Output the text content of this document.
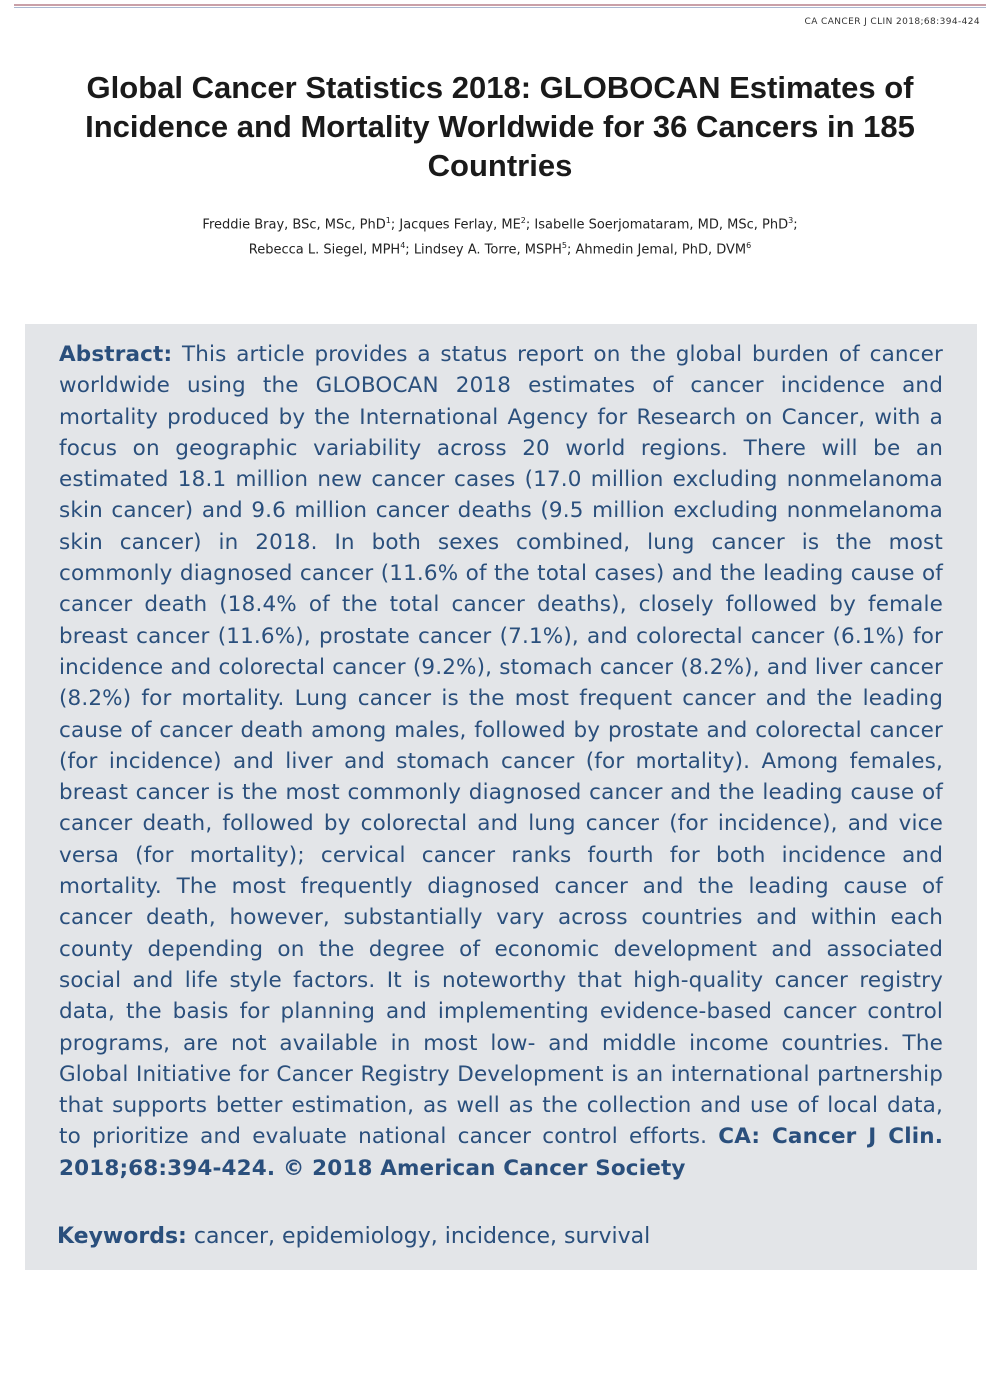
CA CANCER J CLIN 2018;68:394-424
Global Cancer Statistics 2018: GLOBOCAN Estimates of Incidence and Mortality Worldwide for 36 Cancers in 185 Countries
Freddie Bray, BSc, MSc, PhD$^1$; Jacques Ferlay, $ME^2$; Isabelle Soerjomataram, MD, MSc, PhD$^3$;
Rebecca L. Siegel, MPH$^4$; Lindsey A. Torre, MSPH$^5$; Ahmedin Jemal, PhD, DVM$^6$

Abstract: This article provides a status report on the global burden of cancer worldwide using the GLOBOCAN 2018 estimates of cancer incidence and mortality produced by the International Agency for Research on Cancer, with a focus on geographic variability across 20 world regions. There will be an estimated 18.1 million new cancer cases (17.0 million excluding nonmelanoma skin cancer) and 9.6 million cancer deaths (9.5 million excluding nonmelanoma skin cancer) in 2018. In both sexes combined, lung cancer is the most commonly diagnosed cancer (11.6% of the total cases) and the leading cause of cancer death (18.4% of the total cancer deaths), closely followed by female breast cancer (11.6%), prostate cancer (7.1%), and colorectal cancer (6.1%) for incidence and colorectal cancer (9.2%), stomach cancer (8.2%), and liver cancer (8.2%) for mortality. Lung cancer is the most frequent cancer and the leading cause of cancer death among males, followed by prostate and colorectal cancer (for incidence) and liver and stomach cancer (for mortality). Among females, breast cancer is the most commonly diagnosed cancer and the leading cause of cancer death, followed by colorectal and lung cancer (for incidence), and vice versa (for mortality); cervical cancer ranks fourth for both incidence and mortality. The most frequently diagnosed cancer and the leading cause of cancer death, however, substantially vary across countries and within each county depending on the degree of economic development and associated social and life style factors. It is noteworthy that high-quality cancer registry data, the basis for planning and implementing evidence-based cancer control programs, are not available in most low- and middle income countries. The Global Initiative for Cancer Registry Development is an international partnership that supports better estimation, as well as the collection and use of local data, to prioritize and evaluate national cancer control efforts. CA: Cancer J Clin. 2018;68:394-424. © 2018 American Cancer Society

Keywords: cancer, epidemiology, incidence, survival
